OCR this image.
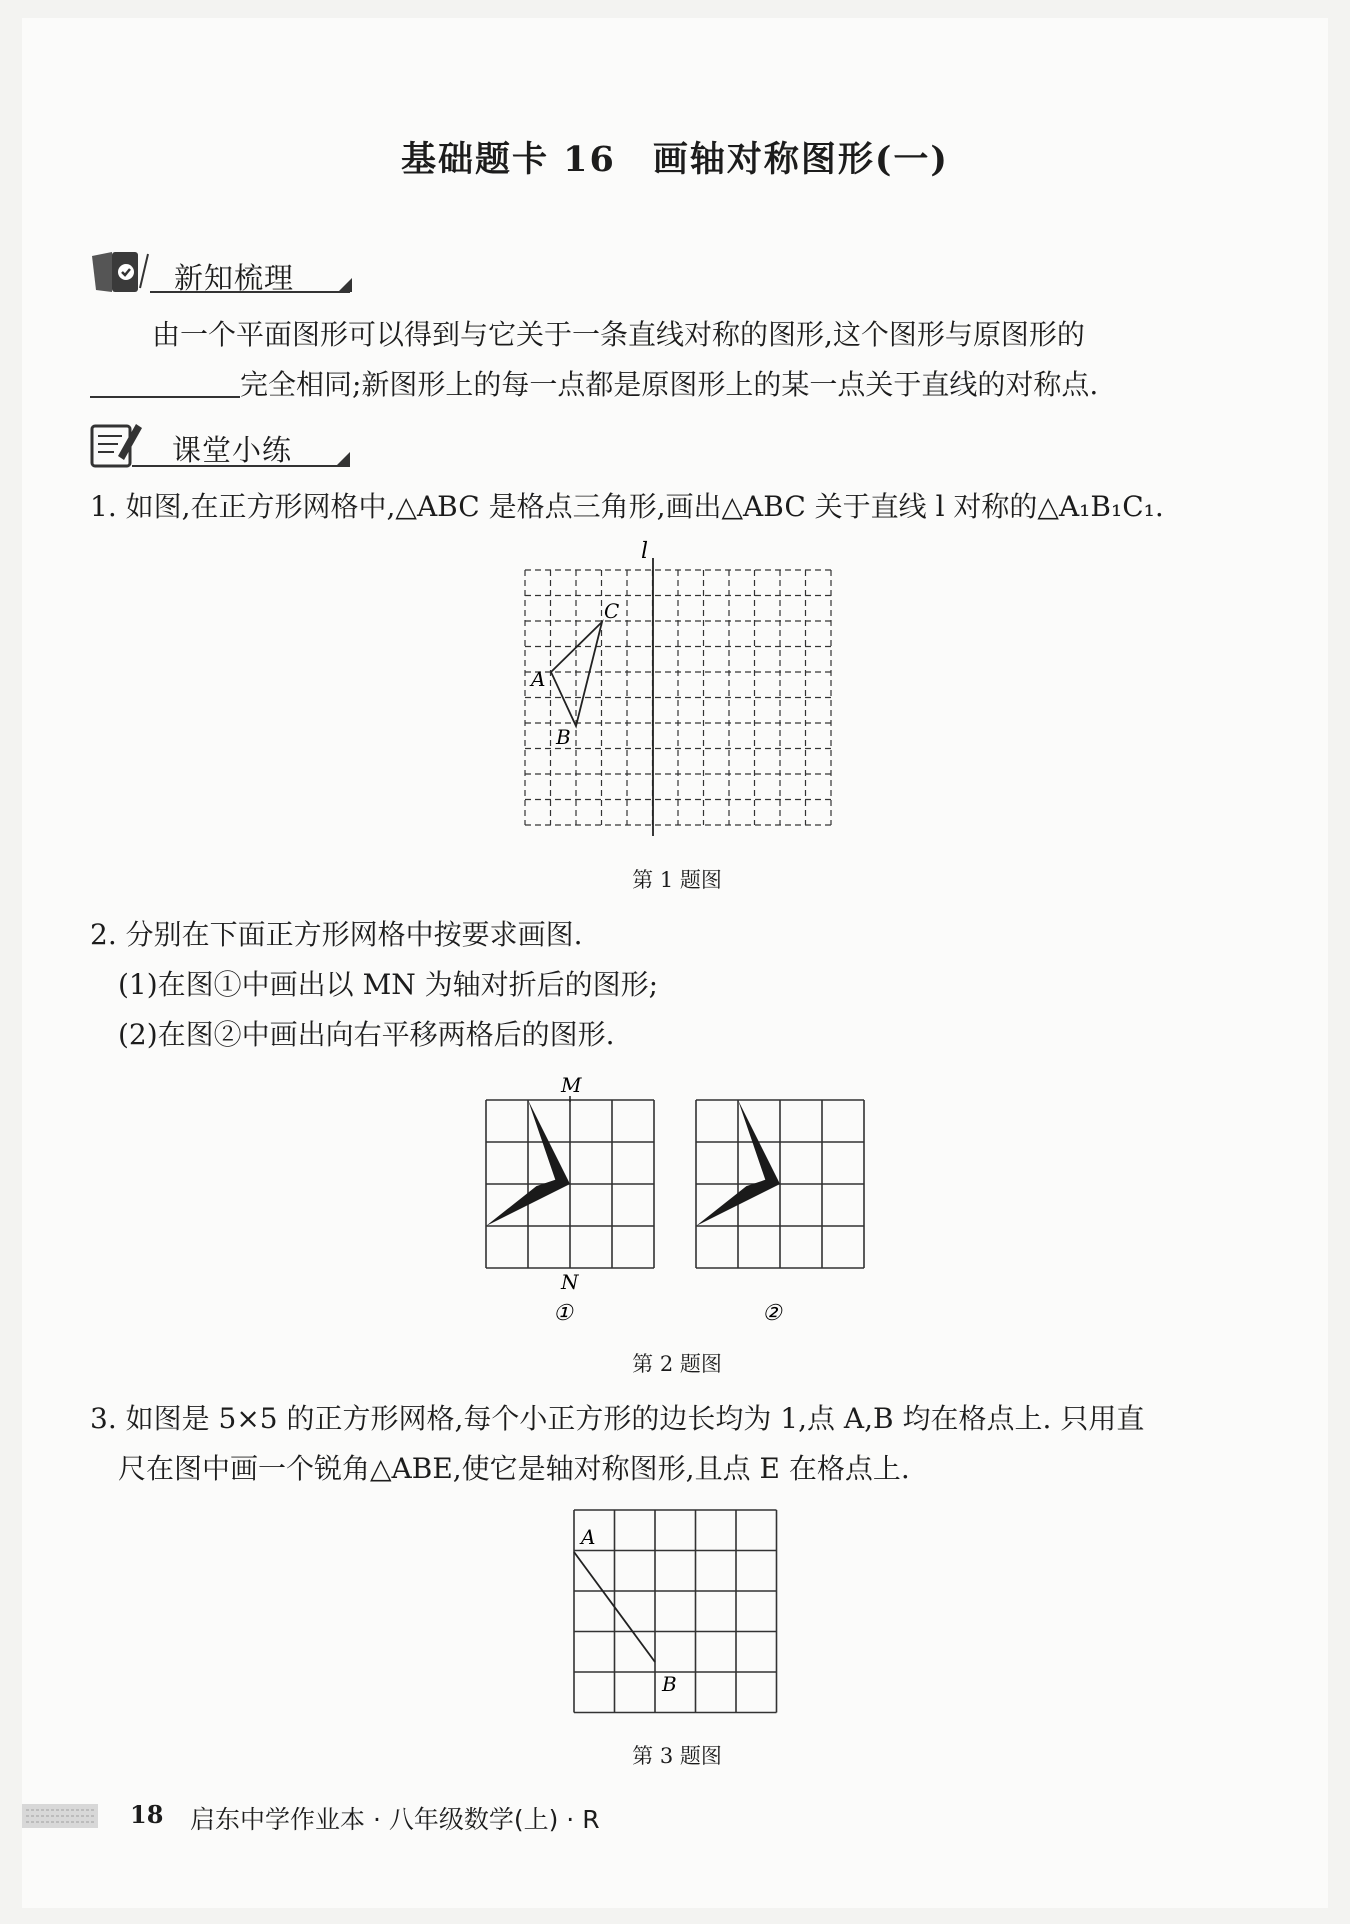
基础题卡 16　画轴对称图形(一)
新知梳理
由一个平面图形可以得到与它关于一条直线对称的图形,这个图形与原图形的
完全相同;新图形上的每一点都是原图形上的某一点关于直线的对称点.
课堂小练
1. 如图,在正方形网格中,△ABC 是格点三角形,画出△ABC 关于直线 l 对称的△A₁B₁C₁.
l
C
A
B
第 1 题图
2. 分别在下面正方形网格中按要求画图.
(1)在图①中画出以 MN 为轴对折后的图形;
(2)在图②中画出向右平移两格后的图形.
M
N
①	②
第 2 题图
3. 如图是 5×5 的正方形网格,每个小正方形的边长均为 1,点 A,B 均在格点上. 只用直
尺在图中画一个锐角△ABE,使它是轴对称图形,且点 E 在格点上.
A
B
第 3 题图
18 启东中学作业本 · 八年级数学(上) · R
